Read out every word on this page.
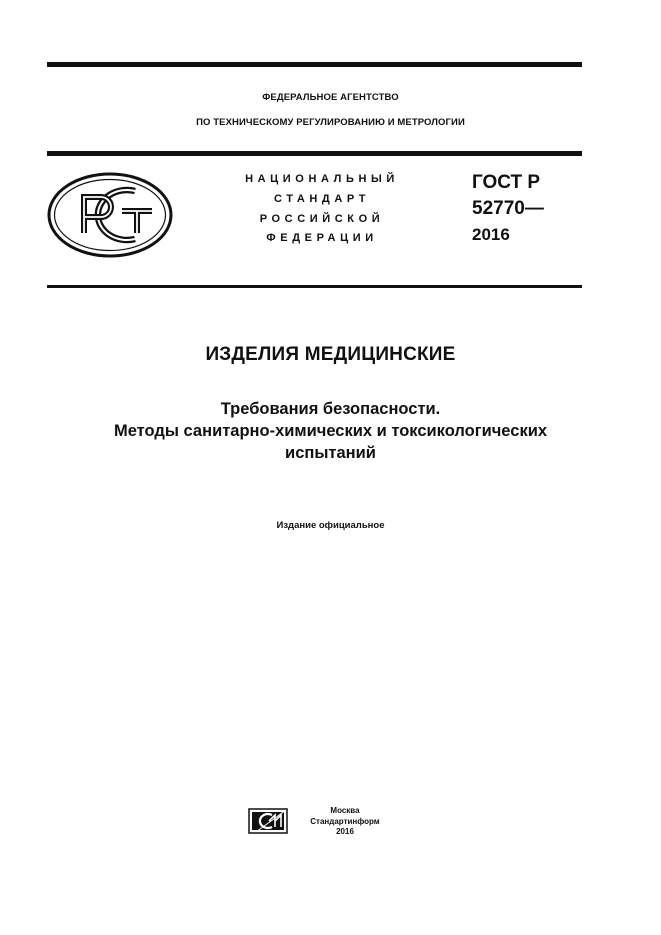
ФЕДЕРАЛЬНОЕ АГЕНТСТВО
ПО ТЕХНИЧЕСКОМУ РЕГУЛИРОВАНИЮ И МЕТРОЛОГИИ
НАЦИОНАЛЬНЫЙ
СТАНДАРТ
РОССИЙСКОЙ
ФЕДЕРАЦИИ
ГОСТ Р
52770—
2016
ИЗДЕЛИЯ МЕДИЦИНСКИЕ
Требования безопасности.
Методы санитарно-химических и токсикологических
испытаний
Издание официальное
Москва
Стандартинформ
2016
